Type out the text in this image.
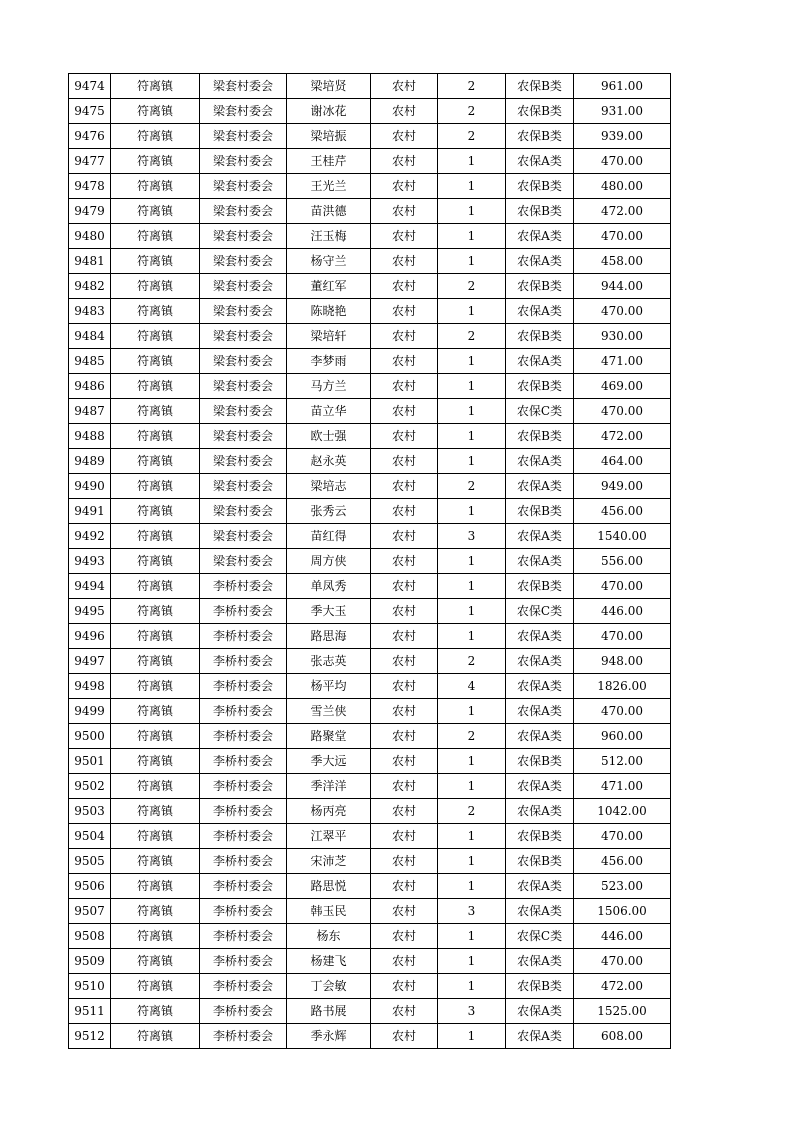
9474	符离镇	梁套村委会	梁培贤	农村	2	农保B类	961.00
9475	符离镇	梁套村委会	谢冰花	农村	2	农保B类	931.00
9476	符离镇	梁套村委会	梁培振	农村	2	农保B类	939.00
9477	符离镇	梁套村委会	王桂芹	农村	1	农保A类	470.00
9478	符离镇	梁套村委会	王光兰	农村	1	农保B类	480.00
9479	符离镇	梁套村委会	苗洪德	农村	1	农保B类	472.00
9480	符离镇	梁套村委会	汪玉梅	农村	1	农保A类	470.00
9481	符离镇	梁套村委会	杨守兰	农村	1	农保A类	458.00
9482	符离镇	梁套村委会	董红军	农村	2	农保B类	944.00
9483	符离镇	梁套村委会	陈晓艳	农村	1	农保A类	470.00
9484	符离镇	梁套村委会	梁培轩	农村	2	农保B类	930.00
9485	符离镇	梁套村委会	李梦雨	农村	1	农保A类	471.00
9486	符离镇	梁套村委会	马方兰	农村	1	农保B类	469.00
9487	符离镇	梁套村委会	苗立华	农村	1	农保C类	470.00
9488	符离镇	梁套村委会	欧士强	农村	1	农保B类	472.00
9489	符离镇	梁套村委会	赵永英	农村	1	农保A类	464.00
9490	符离镇	梁套村委会	梁培志	农村	2	农保A类	949.00
9491	符离镇	梁套村委会	张秀云	农村	1	农保B类	456.00
9492	符离镇	梁套村委会	苗红得	农村	3	农保A类	1540.00
9493	符离镇	梁套村委会	周方侠	农村	1	农保A类	556.00
9494	符离镇	李桥村委会	单凤秀	农村	1	农保B类	470.00
9495	符离镇	李桥村委会	季大玉	农村	1	农保C类	446.00
9496	符离镇	李桥村委会	路思海	农村	1	农保A类	470.00
9497	符离镇	李桥村委会	张志英	农村	2	农保A类	948.00
9498	符离镇	李桥村委会	杨平均	农村	4	农保A类	1826.00
9499	符离镇	李桥村委会	雪兰侠	农村	1	农保A类	470.00
9500	符离镇	李桥村委会	路聚堂	农村	2	农保A类	960.00
9501	符离镇	李桥村委会	季大远	农村	1	农保B类	512.00
9502	符离镇	李桥村委会	季洋洋	农村	1	农保A类	471.00
9503	符离镇	李桥村委会	杨丙亮	农村	2	农保A类	1042.00
9504	符离镇	李桥村委会	江翠平	农村	1	农保B类	470.00
9505	符离镇	李桥村委会	宋沛芝	农村	1	农保B类	456.00
9506	符离镇	李桥村委会	路思悦	农村	1	农保A类	523.00
9507	符离镇	李桥村委会	韩玉民	农村	3	农保A类	1506.00
9508	符离镇	李桥村委会	杨东	农村	1	农保C类	446.00
9509	符离镇	李桥村委会	杨建飞	农村	1	农保A类	470.00
9510	符离镇	李桥村委会	丁会敏	农村	1	农保B类	472.00
9511	符离镇	李桥村委会	路书展	农村	3	农保A类	1525.00
9512	符离镇	李桥村委会	季永辉	农村	1	农保A类	608.00
